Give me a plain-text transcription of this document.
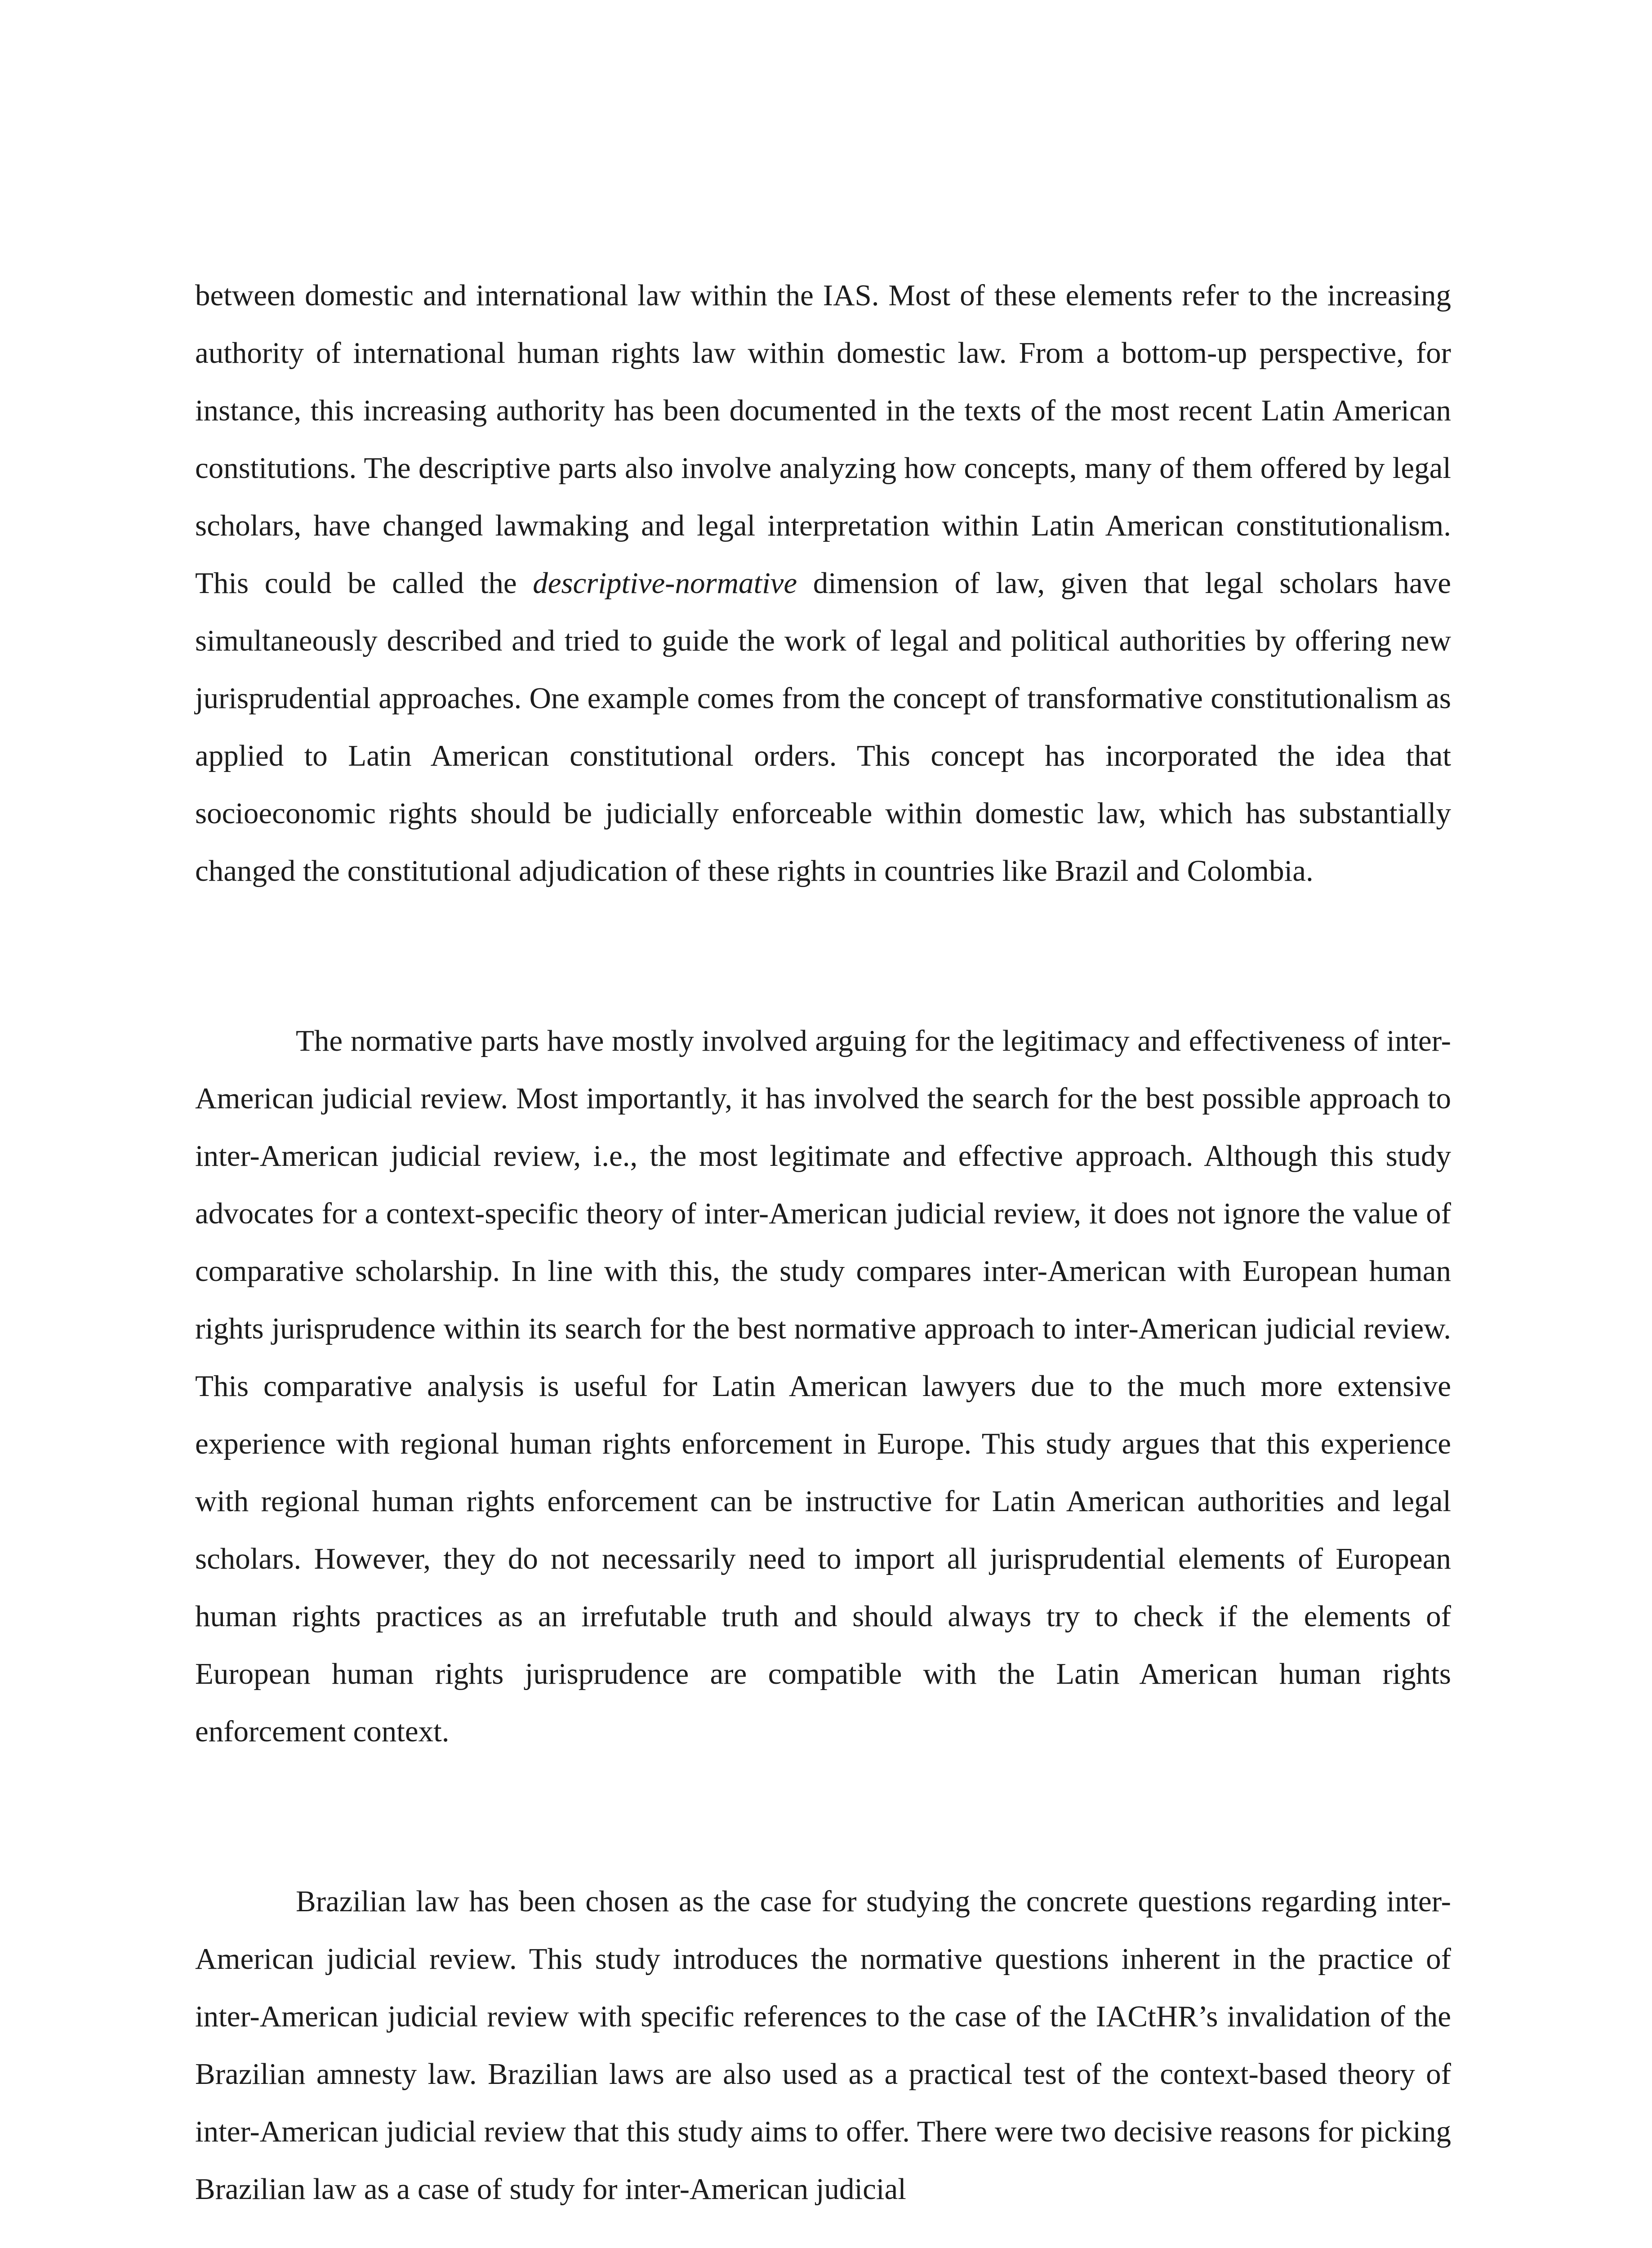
between domestic and international law within the IAS. Most of these elements refer to the increasing authority of international human rights law within domestic law. From a bottom-up perspective, for instance, this increasing authority has been documented in the texts of the most recent Latin American constitutions. The descriptive parts also involve analyzing how concepts, many of them offered by legal scholars, have changed lawmaking and legal interpretation within Latin American constitutionalism. This could be called the descriptive-normative dimension of law, given that legal scholars have simultaneously described and tried to guide the work of legal and political authorities by offering new jurisprudential approaches. One example comes from the concept of transformative constitutionalism as applied to Latin American constitutional orders. This concept has incorporated the idea that socioeconomic rights should be judicially enforceable within domestic law, which has substantially changed the constitutional adjudication of these rights in countries like Brazil and Colombia.

The normative parts have mostly involved arguing for the legitimacy and effectiveness of inter-American judicial review. Most importantly, it has involved the search for the best possible approach to inter-American judicial review, i.e., the most legitimate and effective approach. Although this study advocates for a context-specific theory of inter-American judicial review, it does not ignore the value of comparative scholarship. In line with this, the study compares inter-American with European human rights jurisprudence within its search for the best normative approach to inter-American judicial review. This comparative analysis is useful for Latin American lawyers due to the much more extensive experience with regional human rights enforcement in Europe. This study argues that this experience with regional human rights enforcement can be instructive for Latin American authorities and legal scholars. However, they do not necessarily need to import all jurisprudential elements of European human rights practices as an irrefutable truth and should always try to check if the elements of European human rights jurisprudence are compatible with the Latin American human rights enforcement context.

Brazilian law has been chosen as the case for studying the concrete questions regarding inter-American judicial review. This study introduces the normative questions inherent in the practice of inter-American judicial review with specific references to the case of the IACtHR’s invalidation of the Brazilian amnesty law. Brazilian laws are also used as a practical test of the context-based theory of inter-American judicial review that this study aims to offer. There were two decisive reasons for picking Brazilian law as a case of study for inter-American judicial
